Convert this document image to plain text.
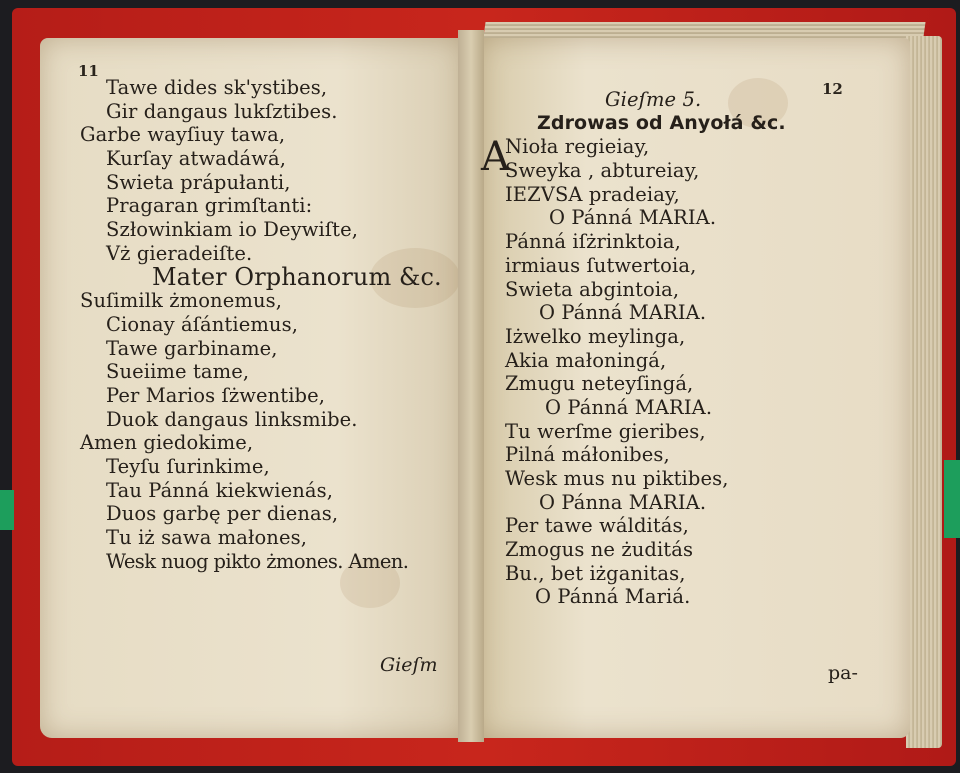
11
Tawe dides sk'ystibes,
Gir dangaus lukſztibes.
Garbe wayſiuy tawa,
Kurſay atwadáwá,
Swieta prápułanti,
Pragaran grimſtanti:
Szłowinkiam io Deywiſte,
Vż gieradeiſte.
Mater Orphanorum &c.
Suſimilk żmonemus,
Cionay áſántiemus,
Tawe garbiname,
Sueiime tame,
Per Marios ſżwentibe,
Duok dangaus linksmibe.
Amen giedokime,
Teyſu ſurinkime,
Tau Pánná kiekwienás,
Duos garbę per dienas,
Tu iż sawa małones,
Wesk nuog pikto żmones. Amen.
Gieſm
12
Gieſme 5.
Zdrowas od Anyołá &c.
A
Nioła regieiay,
Sweyka , abtureiay,
IEZVSA pradeiay,
O Pánná MARIA.
Pánná iſżrinktoia,
irmiaus ſutwertoia,
Swieta abgintoia,
O Pánná MARIA.
Iżwelko meylinga,
Akia małoningá,
Zmugu neteyſingá,
O Pánná MARIA.
Tu werſme gieribes,
Pilná máłonibes,
Wesk mus nu piktibes,
O Pánna MARIA.
Per tawe wálditás,
Zmogus ne żuditás
Bu., bet iżganitas,
O Pánná Mariá.
pa-
